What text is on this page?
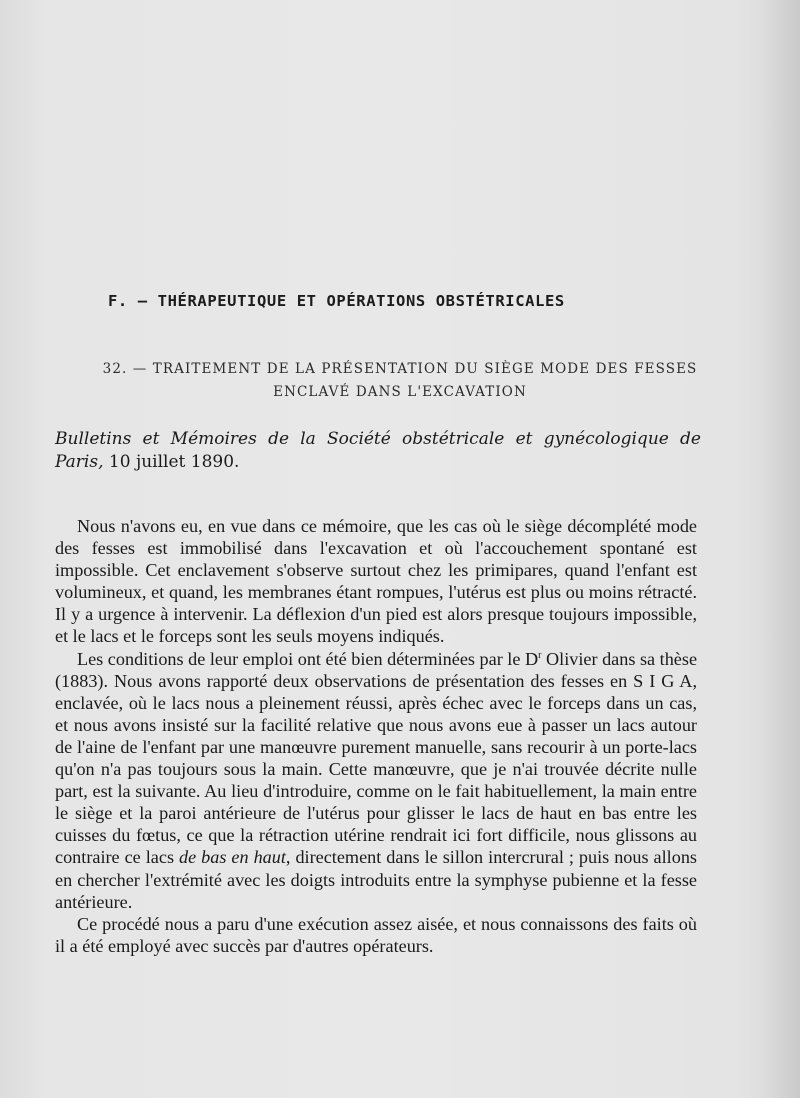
F. — THÉRAPEUTIQUE ET OPÉRATIONS OBSTÉTRICALES
32. — TRAITEMENT DE LA PRÉSENTATION DU SIÈGE MODE DES FESSES
ENCLAVÉ DANS L'EXCAVATION
Bulletins et Mémoires de la Société obstétricale et gynécologique de Paris, 10 juillet 1890.

Nous n'avons eu, en vue dans ce mémoire, que les cas où le siège décomplété mode des fesses est immobilisé dans l'excavation et où l'accouchement spontané est impossible. Cet enclavement s'observe surtout chez les primipares, quand l'enfant est volumineux, et quand, les membranes étant rompues, l'utérus est plus ou moins rétracté. Il y a urgence à intervenir. La déflexion d'un pied est alors presque toujours impossible, et le lacs et le forceps sont les seuls moyens indiqués.

Les conditions de leur emploi ont été bien déterminées par le $D^r$ Olivier dans sa thèse (1883). Nous avons rapporté deux observations de présentation des fesses en S I G A, enclavée, où le lacs nous a pleinement réussi, après échec avec le forceps dans un cas, et nous avons insisté sur la facilité relative que nous avons eue à passer un lacs autour de l'aine de l'enfant par une manœuvre purement manuelle, sans recourir à un porte-lacs qu'on n'a pas toujours sous la main. Cette manœuvre, que je n'ai trouvée décrite nulle part, est la suivante. Au lieu d'introduire, comme on le fait habituellement, la main entre le siège et la paroi antérieure de l'utérus pour glisser le lacs de haut en bas entre les cuisses du fœtus, ce que la rétraction utérine rendrait ici fort difficile, nous glissons au contraire ce lacs de bas en haut, directement dans le sillon intercrural ; puis nous allons en chercher l'extrémité avec les doigts introduits entre la symphyse pubienne et la fesse antérieure.

Ce procédé nous a paru d'une exécution assez aisée, et nous connaissons des faits où il a été employé avec succès par d'autres opérateurs.
